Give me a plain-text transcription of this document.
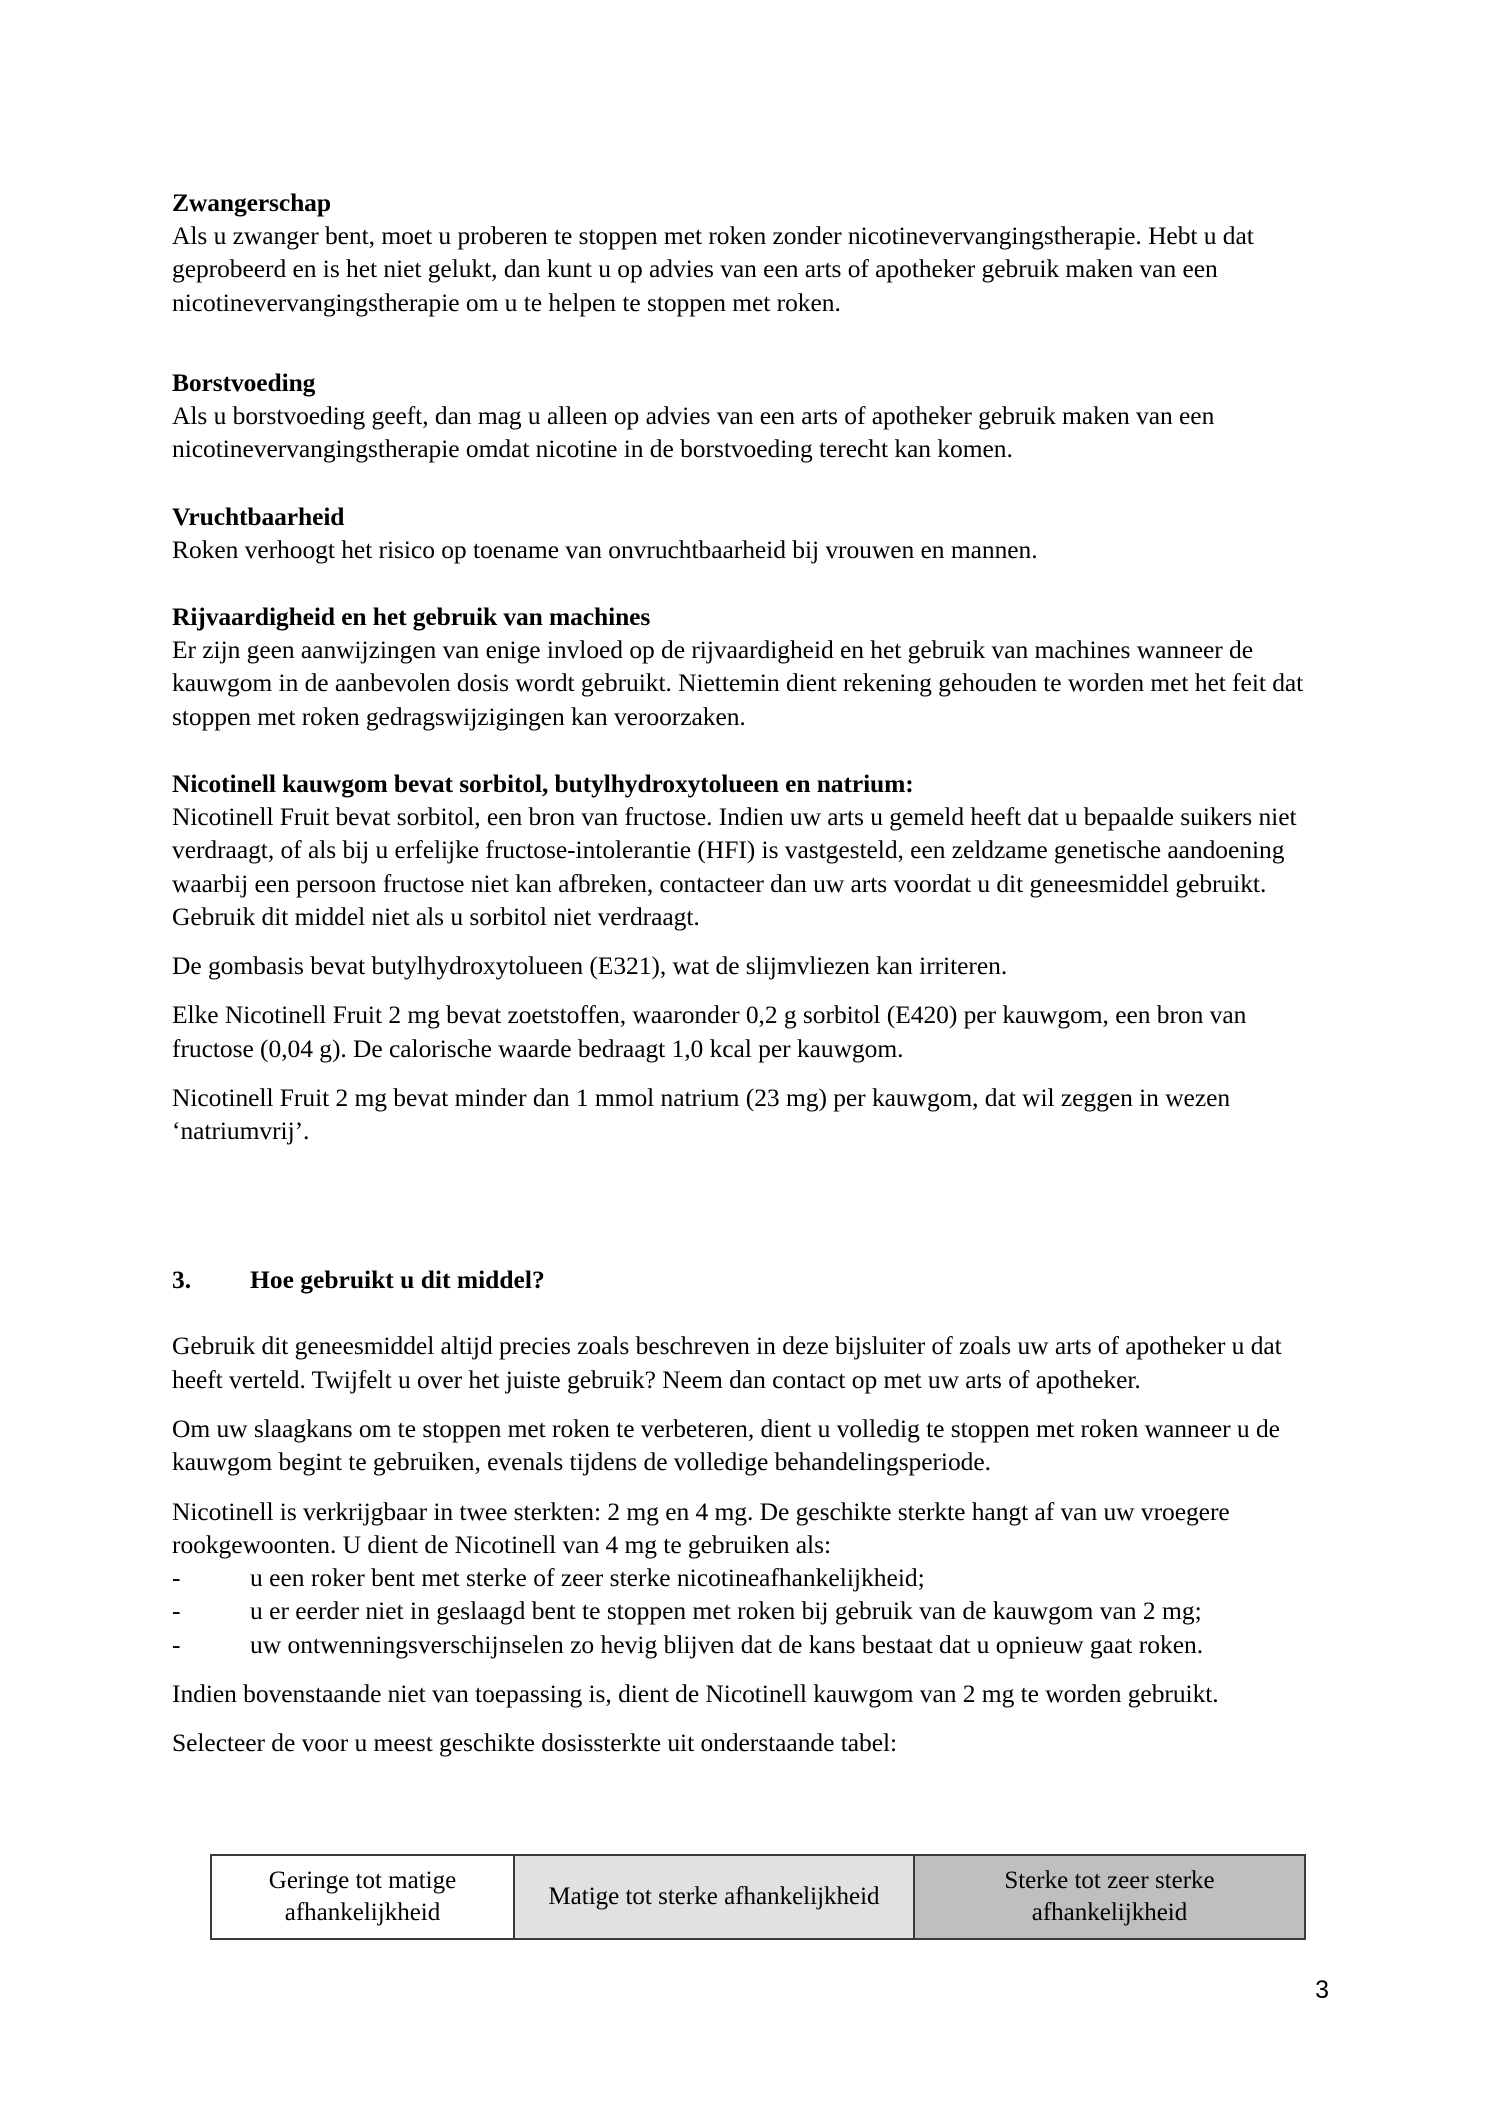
Zwangerschap

Als u zwanger bent, moet u proberen te stoppen met roken zonder nicotinevervangingstherapie. Hebt u dat geprobeerd en is het niet gelukt, dan kunt u op advies van een arts of apotheker gebruik maken van een nicotinevervangingstherapie om u te helpen te stoppen met roken.

Borstvoeding

Als u borstvoeding geeft, dan mag u alleen op advies van een arts of apotheker gebruik maken van een nicotinevervangingstherapie omdat nicotine in de borstvoeding terecht kan komen.

Vruchtbaarheid

Roken verhoogt het risico op toename van onvruchtbaarheid bij vrouwen en mannen.

Rijvaardigheid en het gebruik van machines

Er zijn geen aanwijzingen van enige invloed op de rijvaardigheid en het gebruik van machines wanneer de kauwgom in de aanbevolen dosis wordt gebruikt. Niettemin dient rekening gehouden te worden met het feit dat stoppen met roken gedragswijzigingen kan veroorzaken.

Nicotinell kauwgom bevat sorbitol, butylhydroxytolueen en natrium:

Nicotinell Fruit bevat sorbitol, een bron van fructose. Indien uw arts u gemeld heeft dat u bepaalde suikers niet verdraagt, of als bij u erfelijke fructose-intolerantie (HFI) is vastgesteld, een zeldzame genetische aandoening waarbij een persoon fructose niet kan afbreken, contacteer dan uw arts voordat u dit geneesmiddel gebruikt. Gebruik dit middel niet als u sorbitol niet verdraagt.

De gombasis bevat butylhydroxytolueen (E321), wat de slijmvliezen kan irriteren.

Elke Nicotinell Fruit 2 mg bevat zoetstoffen, waaronder 0,2 g sorbitol (E420) per kauwgom, een bron van fructose (0,04 g). De calorische waarde bedraagt 1,0 kcal per kauwgom.

Nicotinell Fruit 2 mg bevat minder dan 1 mmol natrium (23 mg) per kauwgom, dat wil zeggen in wezen ‘natriumvrij’.

3.	Hoe gebruikt u dit middel?

Gebruik dit geneesmiddel altijd precies zoals beschreven in deze bijsluiter of zoals uw arts of apotheker u dat heeft verteld. Twijfelt u over het juiste gebruik? Neem dan contact op met uw arts of apotheker.

Om uw slaagkans om te stoppen met roken te verbeteren, dient u volledig te stoppen met roken wanneer u de kauwgom begint te gebruiken, evenals tijdens de volledige behandelingsperiode.

Nicotinell is verkrijgbaar in twee sterkten: 2 mg en 4 mg. De geschikte sterkte hangt af van uw vroegere rookgewoonten. U dient de Nicotinell van 4 mg te gebruiken als:

-	u een roker bent met sterke of zeer sterke nicotineafhankelijkheid;
-	u er eerder niet in geslaagd bent te stoppen met roken bij gebruik van de kauwgom van 2 mg;
-	uw ontwenningsverschijnselen zo hevig blijven dat de kans bestaat dat u opnieuw gaat roken.

Indien bovenstaande niet van toepassing is, dient de Nicotinell kauwgom van 2 mg te worden gebruikt.

Selecteer de voor u meest geschikte dosissterkte uit onderstaande tabel:

Geringe tot matige afhankelijkheid	Matige tot sterke afhankelijkheid	Sterke tot zeer sterke afhankelijkheid
3
